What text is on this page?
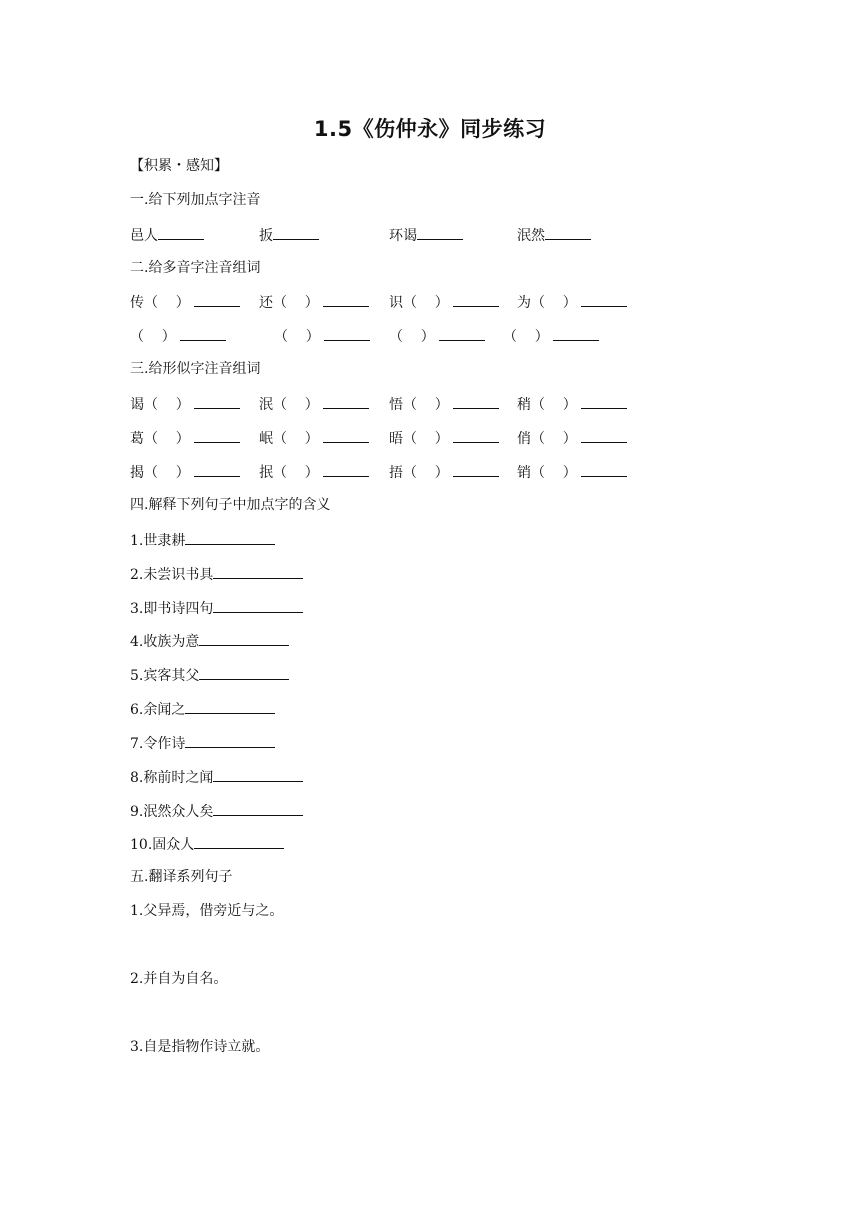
1.5《伤仲永》同步练习
【积累・感知】
一.给下列加点字注音
邑人	扳	环谒	泯然
二.给多音字注音组词
传（    ）	还（    ）	识（    ）	为（    ）
（    ）	（    ）	（    ）	（    ）
三.给形似字注音组词
谒（    ）	泯（    ）	悟（    ）	稍（    ）
葛（    ）	岷（    ）	晤（    ）	俏（    ）
揭（    ）	抿（    ）	捂（    ）	销（    ）
四.解释下列句子中加点字的含义
1.世隶耕
2.未尝识书具
3.即书诗四句
4.收族为意
5.宾客其父
6.余闻之
7.令作诗
8.称前时之闻
9.泯然众人矣
10.固众人
五.翻译系列句子
1.父异焉，借旁近与之。
2.并自为自名。
3.自是指物作诗立就。
